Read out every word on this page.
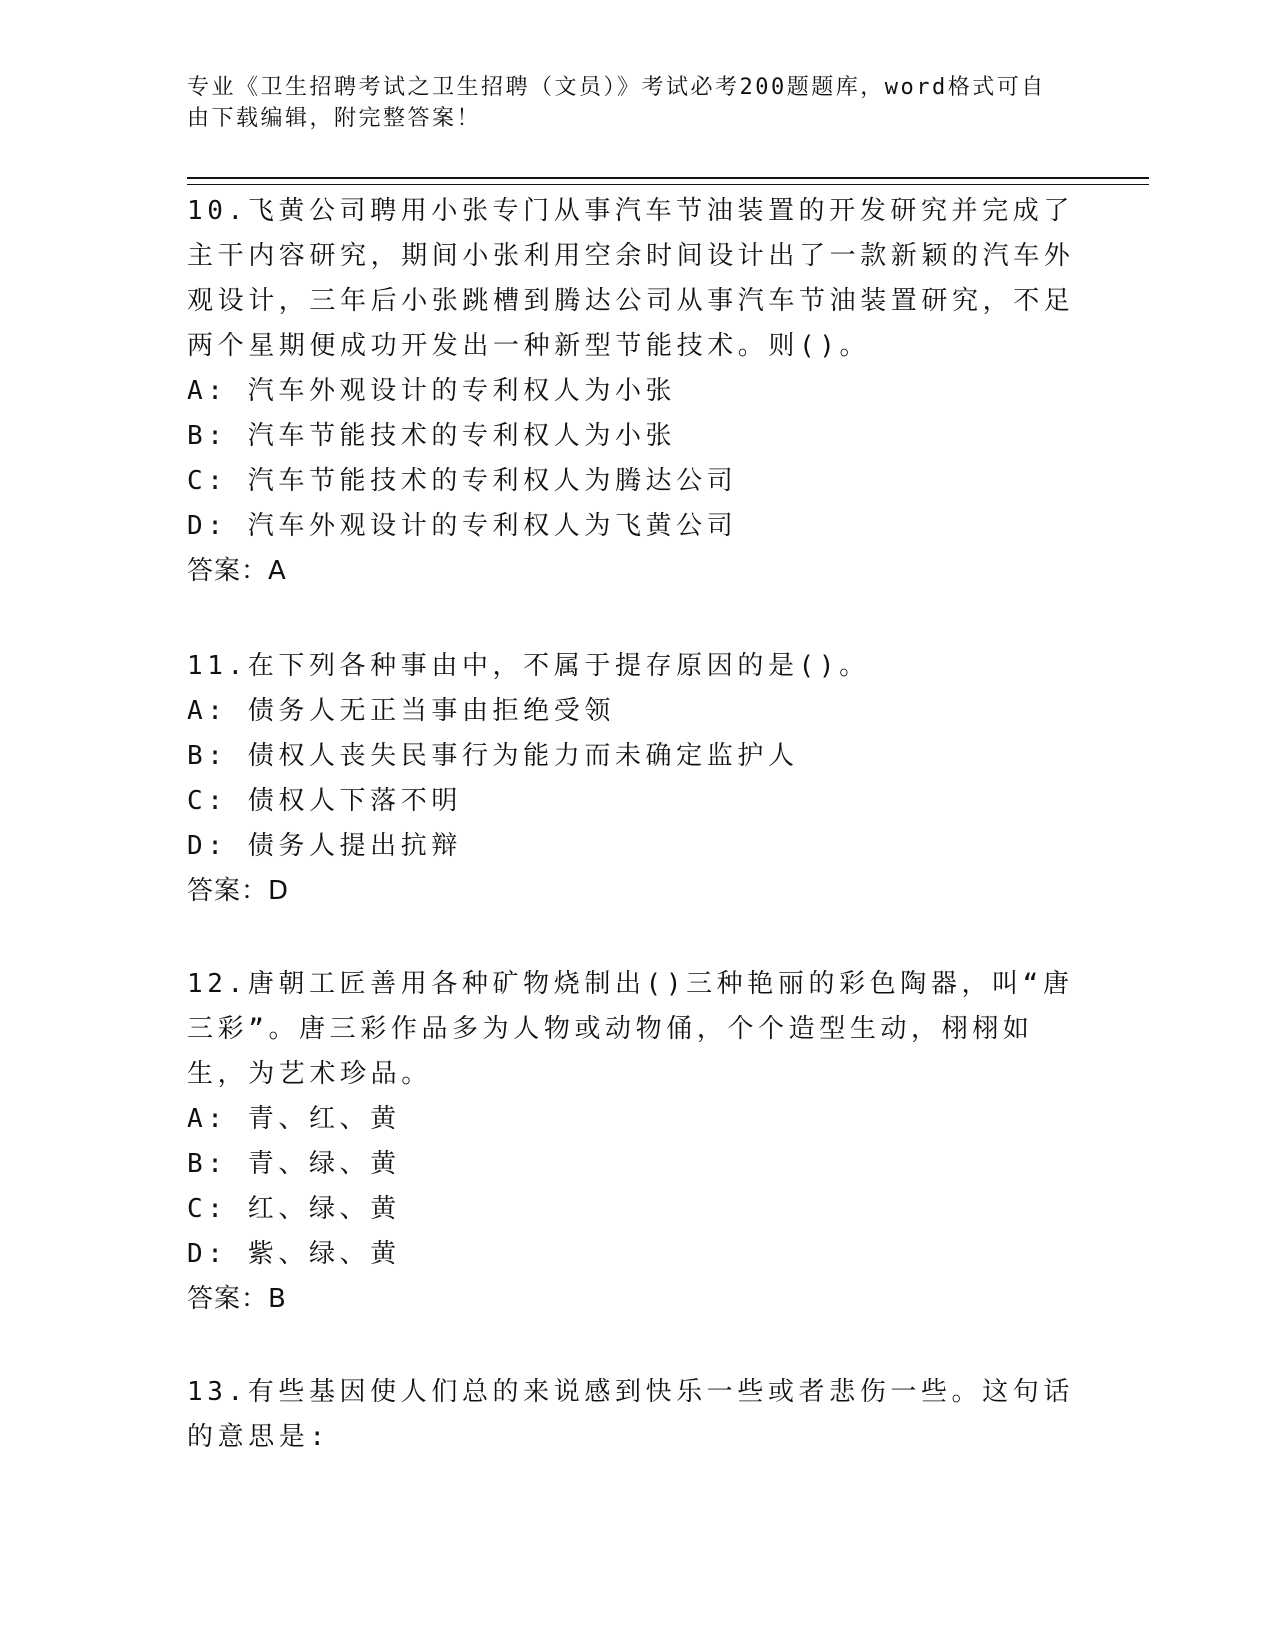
专业《卫生招聘考试之卫生招聘（文员）》考试必考200题题库，word格式可自由下载编辑，附完整答案！

10.飞黄公司聘用小张专门从事汽车节油装置的开发研究并完成了主干内容研究，期间小张利用空余时间设计出了一款新颖的汽车外观设计，三年后小张跳槽到腾达公司从事汽车节油装置研究，不足两个星期便成功开发出一种新型节能技术。则()。

A: 汽车外观设计的专利权人为小张
B: 汽车节能技术的专利权人为小张
C: 汽车节能技术的专利权人为腾达公司
D: 汽车外观设计的专利权人为飞黄公司
答案：A

11.在下列各种事由中，不属于提存原因的是()。

A: 债务人无正当事由拒绝受领
B: 债权人丧失民事行为能力而未确定监护人
C: 债权人下落不明
D: 债务人提出抗辩
答案：D

12.唐朝工匠善用各种矿物烧制出()三种艳丽的彩色陶器，叫“唐三彩”。唐三彩作品多为人物或动物俑，个个造型生动，栩栩如生，为艺术珍品。

A: 青、红、黄
B: 青、绿、黄
C: 红、绿、黄
D: 紫、绿、黄
答案：B

13.有些基因使人们总的来说感到快乐一些或者悲伤一些。这句话的意思是:
